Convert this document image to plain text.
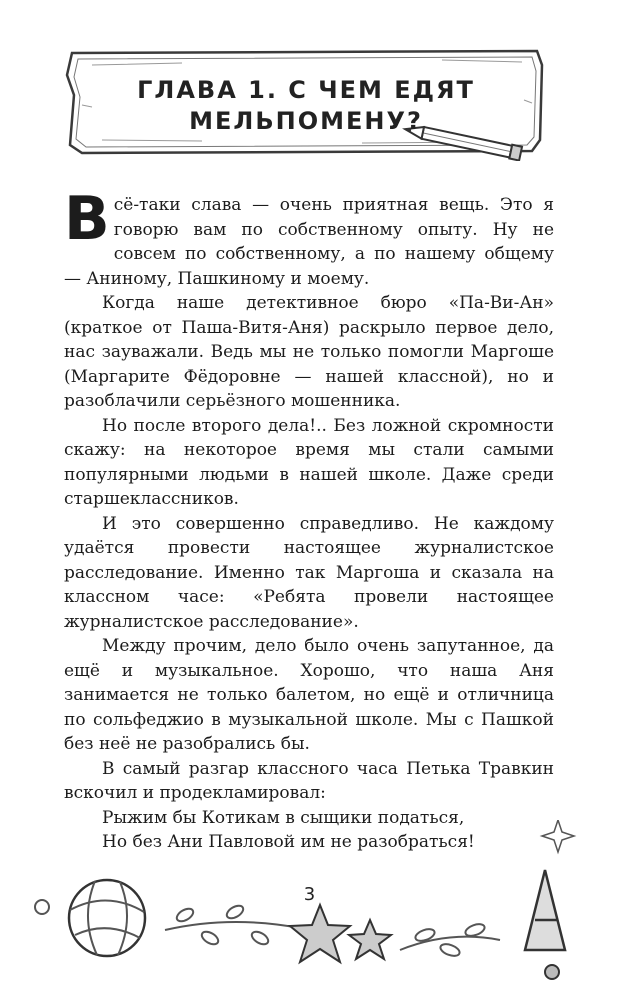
ГЛАВА 1. С ЧЕМ ЕДЯТ
МЕЛЬПОМЕНУ?

Всё-таки слава — очень приятная вещь. Это я говорю вам по собственному опыту. Ну не совсем по собственному, а по нашему общему — Аниному, Пашкиному и моему.

Когда наше детективное бюро «Па-Ви-Ан» (краткое от Паша-Витя-Аня) раскрыло первое дело, нас зауважали. Ведь мы не только помогли Маргоше (Маргарите Фёдоровне — нашей классной), но и разоблачили серьёзного мошенника.

Но после второго дела!.. Без ложной скромности скажу: на некоторое время мы стали самыми популярными людьми в нашей школе. Даже среди старшеклассников.

И это совершенно справедливо. Не каждому удаётся провести настоящее журналистское расследование. Именно так Маргоша и сказала на классном часе: «Ребята провели настоящее журналистское расследование».

Между прочим, дело было очень запутанное, да ещё и музыкальное. Хорошо, что наша Аня занимается не только балетом, но ещё и отличница по сольфеджио в музыкальной школе. Мы с Пашкой без неё не разобрались бы.

В самый разгар классного часа Петька Травкин вскочил и продекламировал:

Рыжим бы Котикам в сыщики податься,

Но без Ани Павловой им не разобраться!

3
